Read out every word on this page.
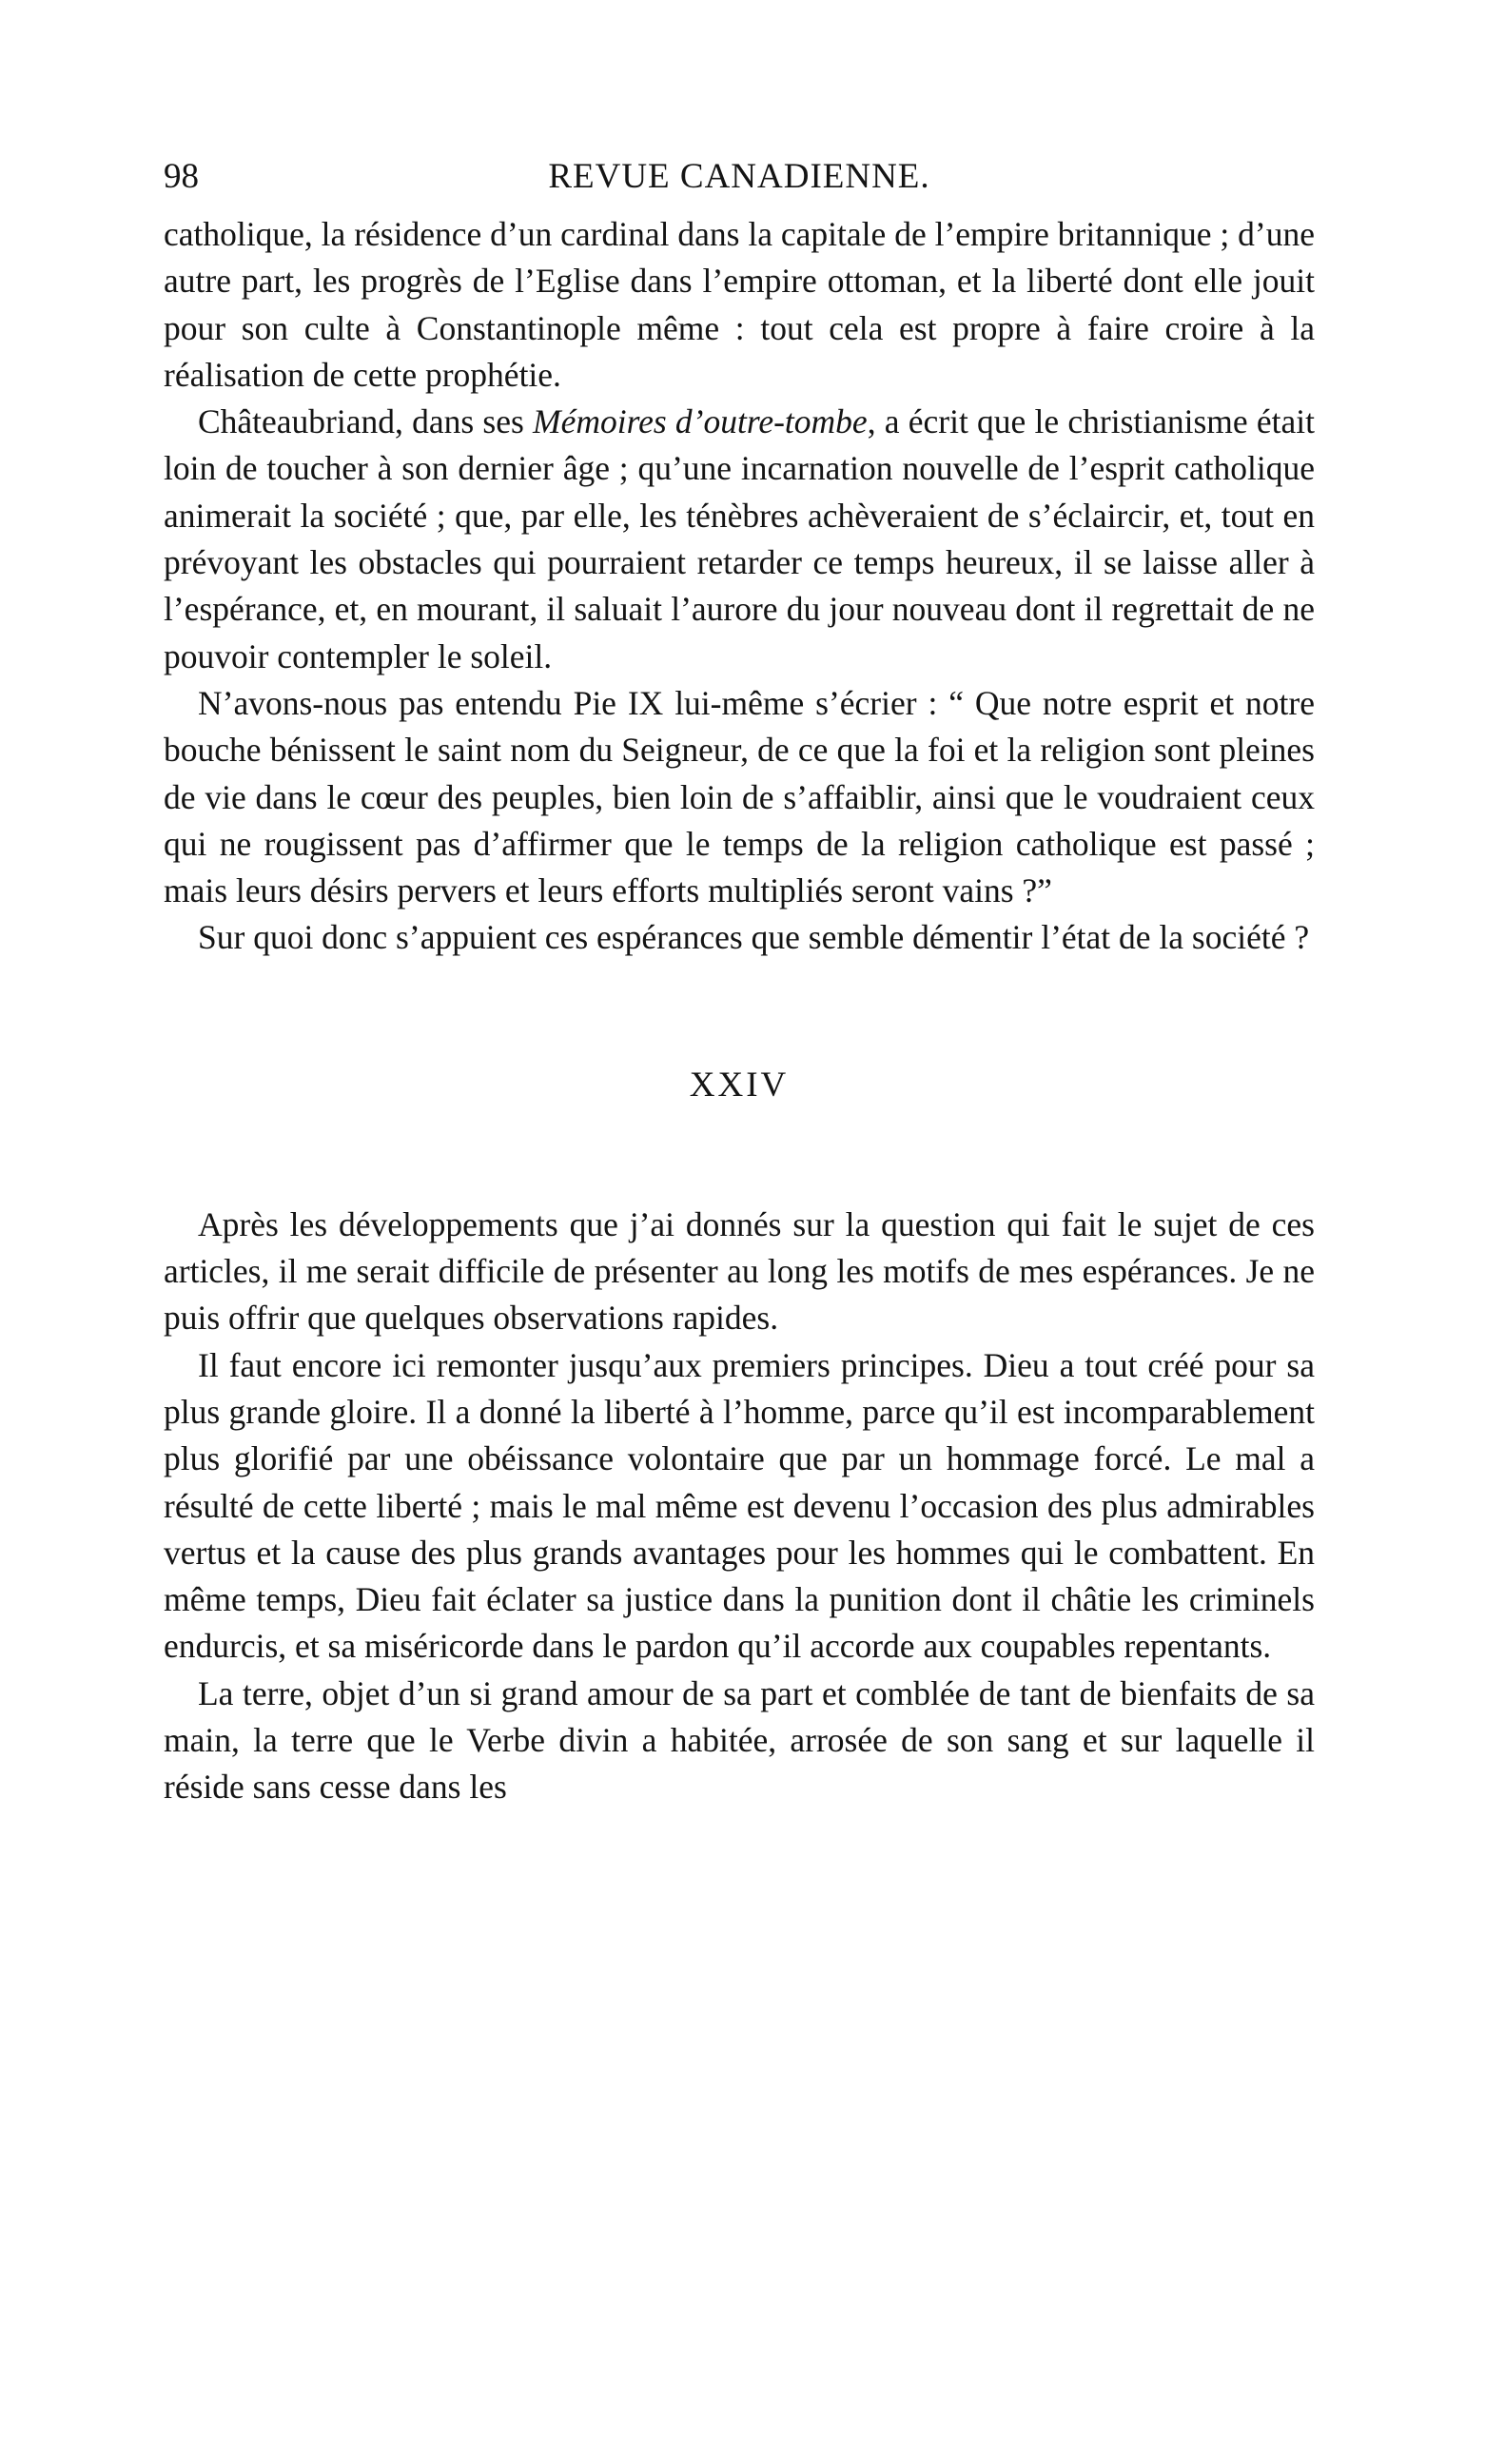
98	REVUE CANADIENNE.

catholique, la résidence d’un cardinal dans la capitale de l’empire britannique ; d’une autre part, les progrès de l’Eglise dans l’empire ottoman, et la liberté dont elle jouit pour son culte à Constantinople même : tout cela est propre à faire croire à la réalisation de cette prophétie.

Châteaubriand, dans ses Mémoires d’outre-tombe, a écrit que le christianisme était loin de toucher à son dernier âge ; qu’une incarnation nouvelle de l’esprit catholique animerait la société ; que, par elle, les ténèbres achèveraient de s’éclaircir, et, tout en prévoyant les obstacles qui pourraient retarder ce temps heureux, il se laisse aller à l’espérance, et, en mourant, il saluait l’aurore du jour nouveau dont il regrettait de ne pouvoir contempler le soleil.

N’avons-nous pas entendu Pie IX lui-même s’écrier : “ Que notre esprit et notre bouche bénissent le saint nom du Seigneur, de ce que la foi et la religion sont pleines de vie dans le cœur des peuples, bien loin de s’affaiblir, ainsi que le voudraient ceux qui ne rougissent pas d’affirmer que le temps de la religion catholique est passé ; mais leurs désirs pervers et leurs efforts multipliés seront vains ?”

Sur quoi donc s’appuient ces espérances que semble démentir l’état de la société ?

XXIV

Après les développements que j’ai donnés sur la question qui fait le sujet de ces articles, il me serait difficile de présenter au long les motifs de mes espérances. Je ne puis offrir que quelques observations rapides.

Il faut encore ici remonter jusqu’aux premiers principes. Dieu a tout créé pour sa plus grande gloire. Il a donné la liberté à l’homme, parce qu’il est incomparablement plus glorifié par une obéissance volontaire que par un hommage forcé. Le mal a résulté de cette liberté ; mais le mal même est devenu l’occasion des plus admirables vertus et la cause des plus grands avantages pour les hommes qui le combattent. En même temps, Dieu fait éclater sa justice dans la punition dont il châtie les criminels endurcis, et sa miséricorde dans le pardon qu’il accorde aux coupables repentants.

La terre, objet d’un si grand amour de sa part et comblée de tant de bienfaits de sa main, la terre que le Verbe divin a habitée, arrosée de son sang et sur laquelle il réside sans cesse dans les
